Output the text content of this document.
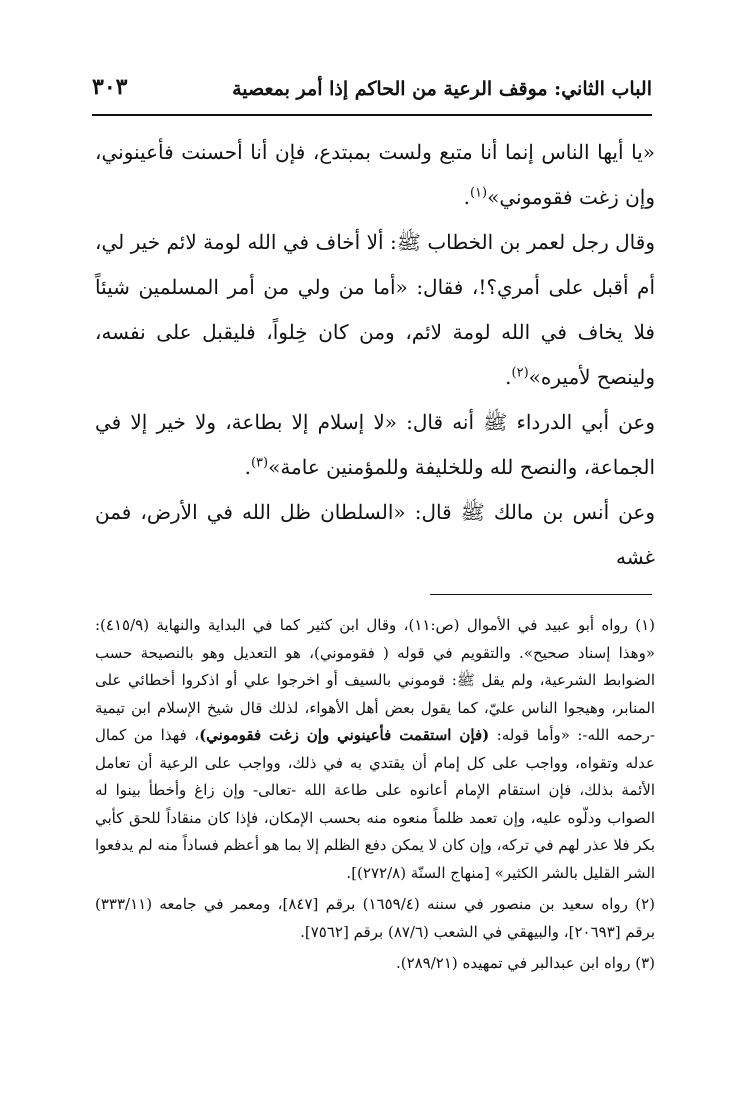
الباب الثاني: موقف الرعية من الحاكم إذا أمر بمعصية
٣٠٣

«يا أيها الناس إنما أنا متبع ولست بمبتدع، فإن أنا أحسنت فأعينوني، وإن زغت فقوموني»$^{(١)}$.

وقال رجل لعمر بن الخطاب ﷺ: ألا أخاف في الله لومة لائم خير لي، أم أقبل على أمري؟!، فقال: «أما من ولي من أمر المسلمين شيئاً فلا يخاف في الله لومة لائم، ومن كان خِلواً، فليقبل على نفسه، ولينصح لأميره»$^{(٢)}$.

وعن أبي الدرداء ﷺ أنه قال: «لا إسلام إلا بطاعة، ولا خير إلا في الجماعة، والنصح لله وللخليفة وللمؤمنين عامة»$^{(٣)}$.

وعن أنس بن مالك ﷺ قال: «السلطان ظل الله في الأرض، فمن غشه

(١) رواه أبو عبيد في الأموال (ص:١١)، وقال ابن كثير كما في البداية والنهاية (٤١٥/٩): «وهذا إسناد صحيح». والتقويم في قوله ( فقوموني)، هو التعديل وهو بالنصيحة حسب الضوابط الشرعية، ولم يقل ﷺ: قوموني بالسيف أو اخرجوا علي أو اذكروا أخطائي على المنابر، وهيجوا الناس عليّ، كما يقول بعض أهل الأهواء، لذلك قال شيخ الإسلام ابن تيمية -رحمه الله-: «وأما قوله: (فإن استقمت فأعينوني وإن زغت فقوموني)، فهذا من كمال عدله وتقواه، وواجب على كل إمام أن يقتدي به في ذلك، وواجب على الرعية أن تعامل الأئمة بذلك، فإن استقام الإمام أعانوه على طاعة الله -تعالى- وإن زاغ وأخطأ بينوا له الصواب ودلّوه عليه، وإن تعمد ظلماً منعوه منه بحسب الإمكان، فإذا كان منقاداً للحق كأبي بكر فلا عذر لهم في تركه، وإن كان لا يمكن دفع الظلم إلا بما هو أعظم فساداً منه لم يدفعوا الشر القليل بالشر الكثير» [منهاج السنّة (٢٧٢/٨)].

(٢) رواه سعيد بن منصور في سننه (١٦٥٩/٤) برقم [٨٤٧]، ومعمر في جامعه (٣٣٣/١١) برقم [٢٠٦٩٣]، والبيهقي في الشعب (٨٧/٦) برقم [٧٥٦٢].

(٣) رواه ابن عبدالبر في تمهيده (٢٨٩/٢١).
